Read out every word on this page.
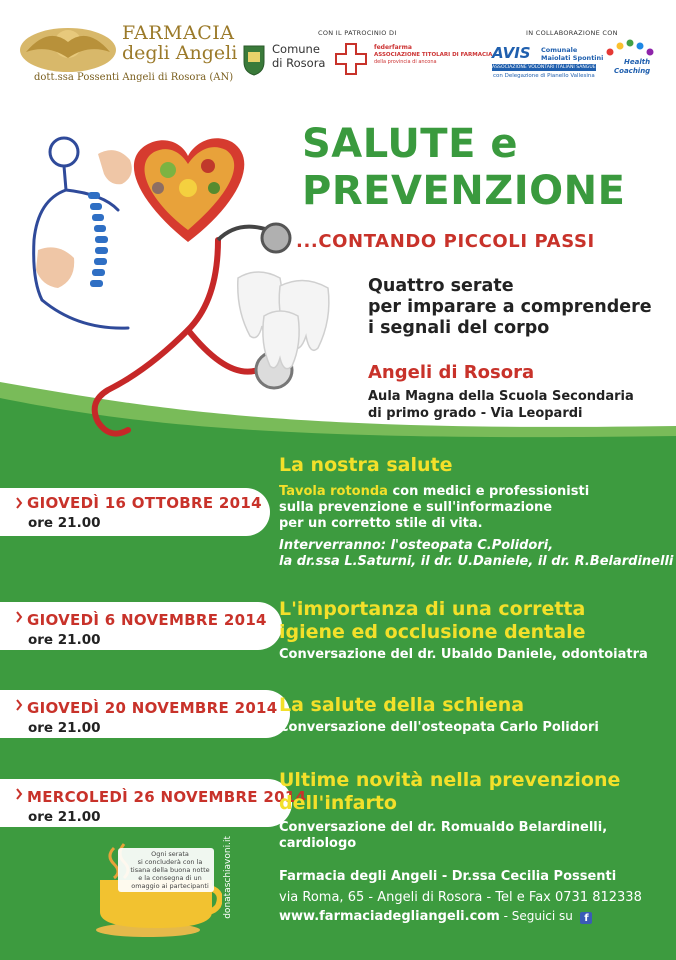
FARMACIA
degli Angeli
dott.ssa Possenti Angeli di Rosora (AN)
CON IL PATROCINIO DI	IN COLLABORAZIONE CON
Comune
di Rosora
federfarma
ASSOCIAZIONE TITOLARI DI FARMACIA
della provincia di ancona	AVIS Comunale
Maiolati Spontini
ASSOCIAZIONE VOLONTARI ITALIANI SANGUE
con Delegazione di Pianello Vallesina
Health
Coaching
SALUTE e
PREVENZIONE
...CONTANDO PICCOLI PASSI
Quattro serate
per imparare a comprendere
i segnali del corpo
Angeli di Rosora
Aula Magna della Scuola Secondaria
di primo grado - Via Leopardi
GIOVEDÌ 16 OTTOBRE 2014
ore 21.00
La nostra salute
Tavola rotonda con medici e professionisti
sulla prevenzione e sull'informazione
per un corretto stile di vita.
Interverranno: l'osteopata C.Polidori,
la dr.ssa L.Saturni, il dr. U.Daniele, il dr. R.Belardinelli
GIOVEDÌ 6 NOVEMBRE 2014
ore 21.00
L'importanza di una corretta
igiene ed occlusione dentale
Conversazione del dr. Ubaldo Daniele, odontoiatra
GIOVEDÌ 20 NOVEMBRE 2014
ore 21.00
La salute della schiena
Conversazione dell'osteopata Carlo Polidori
MERCOLEDÌ 26 NOVEMBRE 2014
ore 21.00
Ultime novità nella prevenzione
dell'infarto
Conversazione del dr. Romualdo Belardinelli, cardiologo
Ogni serata
si concluderà con la
tisana della buona notte
e la consegna di un
omaggio ai partecipanti	donataschiavoni.it	Farmacia degli Angeli - Dr.ssa Cecilia Possenti
via Roma, 65 - Angeli di Rosora - Tel e Fax 0731 812338
www.farmaciadegliangeli.com - Seguici su f
